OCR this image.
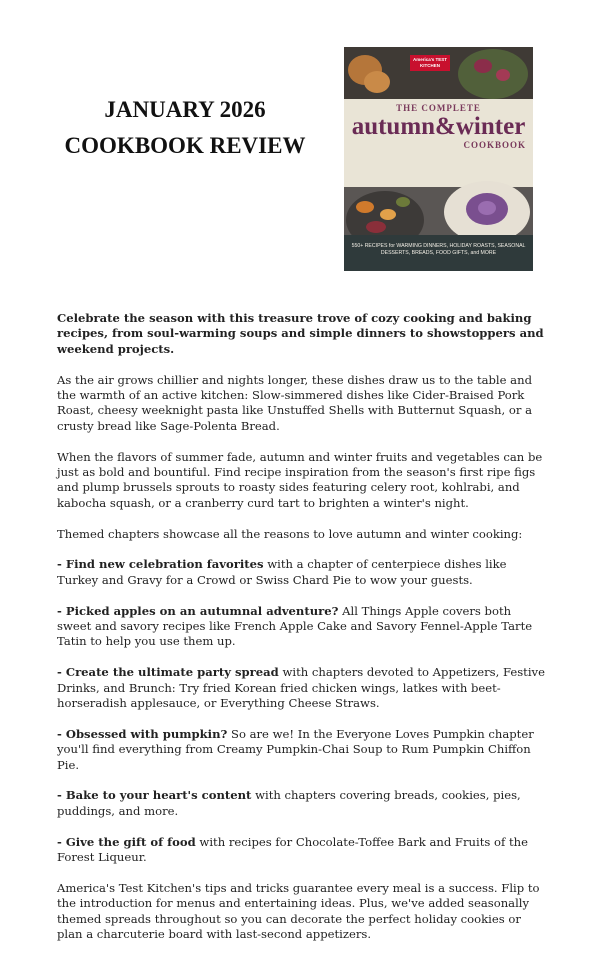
JANUARY 2026
COOKBOOK REVIEW
America's TEST KITCHEN
THE COMPLETE
autumn&winter
COOKBOOK
550+ RECIPES for WARMING DINNERS, HOLIDAY ROASTS, SEASONAL DESSERTS, BREADS, FOOD GIFTS, and MORE

Celebrate the season with this treasure trove of cozy cooking and baking recipes, from soul-warming soups and simple dinners to showstoppers and weekend projects.

As the air grows chillier and nights longer, these dishes draw us to the table and the warmth of an active kitchen: Slow-simmered dishes like Cider-Braised Pork Roast, cheesy weeknight pasta like Unstuffed Shells with Butternut Squash, or a crusty bread like Sage-Polenta Bread.

When the flavors of summer fade, autumn and winter fruits and vegetables can be just as bold and bountiful. Find recipe inspiration from the season's first ripe figs and plump brussels sprouts to roasty sides featuring celery root, kohlrabi, and kabocha squash, or a cranberry curd tart to brighten a winter's night.

Themed chapters showcase all the reasons to love autumn and winter cooking:

- Find new celebration favorites with a chapter of centerpiece dishes like Turkey and Gravy for a Crowd or Swiss Chard Pie to wow your guests.

- Picked apples on an autumnal adventure? All Things Apple covers both sweet and savory recipes like French Apple Cake and Savory Fennel-Apple Tarte Tatin to help you use them up.

- Create the ultimate party spread with chapters devoted to Appetizers, Festive Drinks, and Brunch: Try fried Korean fried chicken wings, latkes with beet-horseradish applesauce, or Everything Cheese Straws.

- Obsessed with pumpkin? So are we! In the Everyone Loves Pumpkin chapter you'll find everything from Creamy Pumpkin-Chai Soup to Rum Pumpkin Chiffon Pie.

- Bake to your heart's content with chapters covering breads, cookies, pies, puddings, and more.

- Give the gift of food with recipes for Chocolate-Toffee Bark and Fruits of the Forest Liqueur.

America's Test Kitchen's tips and tricks guarantee every meal is a success. Flip to the introduction for menus and entertaining ideas. Plus, we've added seasonally themed spreads throughout so you can decorate the perfect holiday cookies or plan a charcuterie board with last-second appetizers.
